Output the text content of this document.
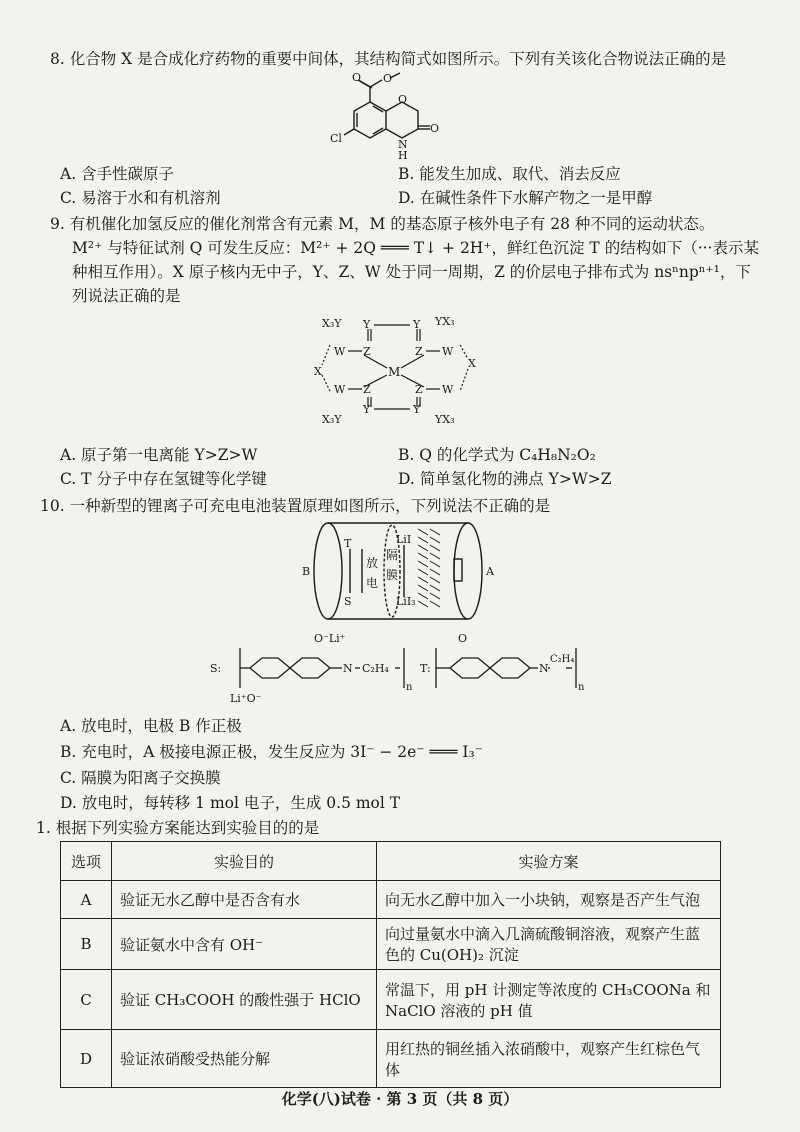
8. 化合物 X 是合成化疗药物的重要中间体，其结构简式如图所示。下列有关该化合物说法正确的是
O O
O
O
N
H
Cl
A. 含手性碳原子	B. 能发生加成、取代、消去反应
C. 易溶于水和有机溶剂	D. 在碱性条件下水解产物之一是甲醇
9. 有机催化加氢反应的催化剂常含有元素 M，M 的基态原子核外电子有 28 种不同的运动状态。
M²⁺ 与特征试剂 Q 可发生反应：M²⁺ + 2Q ═══ T↓ + 2H⁺，鲜红色沉淀 T 的结构如下（···表示某
种相互作用）。X 原子核内无中子，Y、Z、W 处于同一周期，Z 的价层电子排布式为 nsⁿnpⁿ⁺¹，下
列说法正确的是
X₃Y Y	Y YX₃
W Z	Z W
X	M
X
W Z	Z W
X₃Y
Y	Y
YX₃
A. 原子第一电离能 Y>Z>W	B. Q 的化学式为 C₄H₈N₂O₂
C. T 分子中存在氢键等化学键	D. 简单氢化物的沸点 Y>W>Z
10. 一种新型的锂离子可充电电池装置原理如图所示，下列说法不正确的是
B	A
T
S
放
电
隔
膜
LiI
LiI₃
S:
O⁻Li⁺
Li⁺O⁻
N C₂H₄
n
T:
O
N
C₂H₄
n
A. 放电时，电极 B 作正极
B. 充电时，A 极接电源正极，发生反应为 3I⁻ − 2e⁻ ═══ I₃⁻
C. 隔膜为阳离子交换膜
D. 放电时，每转移 1 mol 电子，生成 0.5 mol T
1. 根据下列实验方案能达到实验目的的是
选项	实验目的	实验方案
A	验证无水乙醇中是否含有水	向无水乙醇中加入一小块钠，观察是否产生气泡
B	验证氨水中含有 OH⁻	向过量氨水中滴入几滴硫酸铜溶液，观察产生蓝色的 Cu(OH)₂ 沉淀
C	验证 CH₃COOH 的酸性强于 HClO	常温下，用 pH 计测定等浓度的 CH₃COONa 和 NaClO 溶液的 pH 值
D	验证浓硝酸受热能分解	用红热的铜丝插入浓硝酸中，观察产生红棕色气体
化学(八)试卷 · 第 3 页（共 8 页）
